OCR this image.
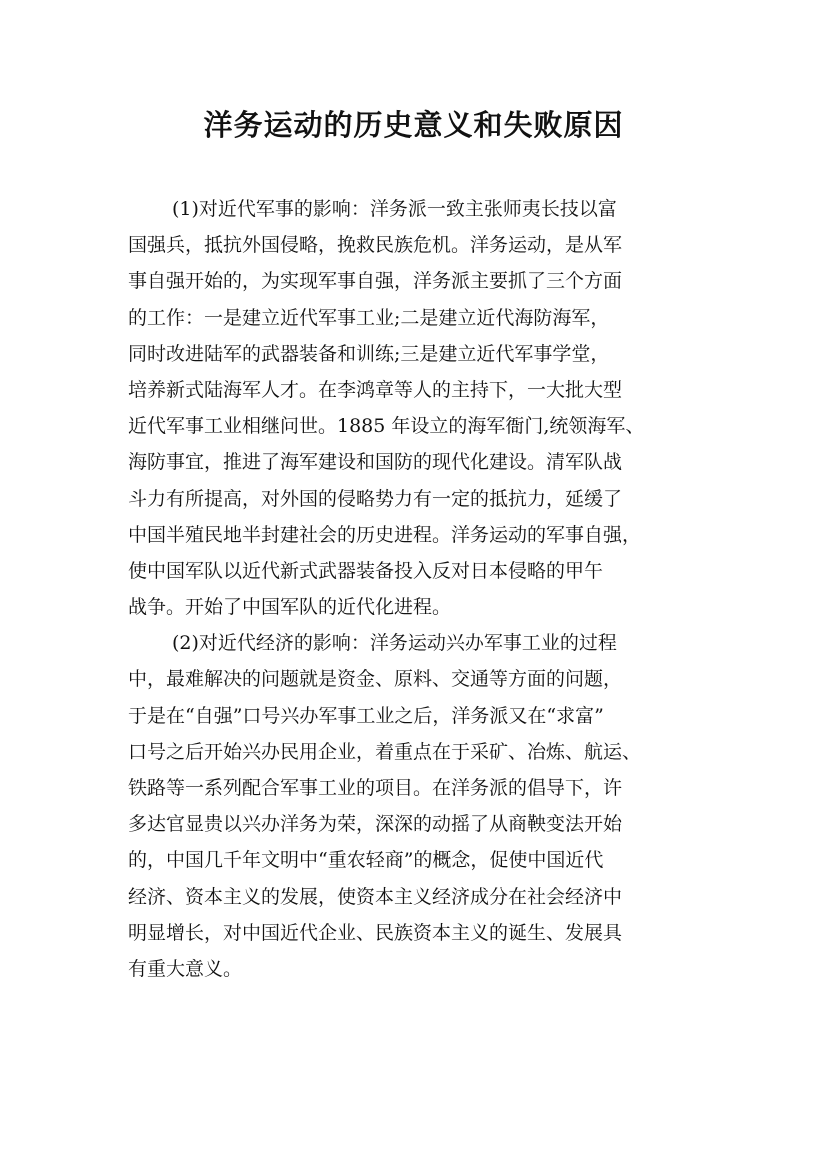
洋务运动的历史意义和失败原因
(1)对近代军事的影响：洋务派一致主张师夷长技以富
国强兵，抵抗外国侵略，挽救民族危机。洋务运动，是从军
事自强开始的，为实现军事自强，洋务派主要抓了三个方面
的工作：一是建立近代军事工业;二是建立近代海防海军，
同时改进陆军的武器装备和训练;三是建立近代军事学堂，
培养新式陆海军人才。在李鸿章等人的主持下，一大批大型
近代军事工业相继问世。1885 年设立的海军衙门,统领海军、
海防事宜，推进了海军建设和国防的现代化建设。清军队战
斗力有所提高，对外国的侵略势力有一定的抵抗力，延缓了
中国半殖民地半封建社会的历史进程。洋务运动的军事自强，
使中国军队以近代新式武器装备投入反对日本侵略的甲午
战争。开始了中国军队的近代化进程。
(2)对近代经济的影响：洋务运动兴办军事工业的过程
中，最难解决的问题就是资金、原料、交通等方面的问题，
于是在“自强”口号兴办军事工业之后，洋务派又在“求富”
口号之后开始兴办民用企业，着重点在于采矿、冶炼、航运、
铁路等一系列配合军事工业的项目。在洋务派的倡导下，许
多达官显贵以兴办洋务为荣，深深的动摇了从商鞅变法开始
的，中国几千年文明中“重农轻商”的概念，促使中国近代
经济、资本主义的发展，使资本主义经济成分在社会经济中
明显增长，对中国近代企业、民族资本主义的诞生、发展具
有重大意义。
